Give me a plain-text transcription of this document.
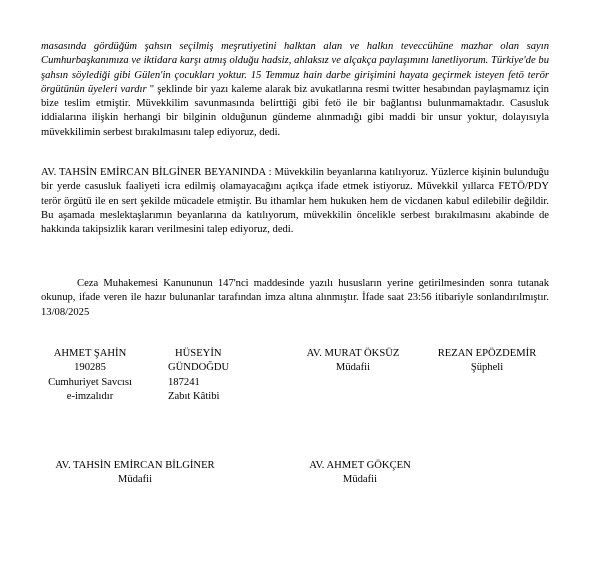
masasında gördüğüm şahsın seçilmiş meşrutiyetini halktan alan ve halkın teveccühüne mazhar olan sayın Cumhurbaşkanımıza ve iktidara karşı atmış olduğu hadsiz, ahlaksız ve alçakça paylaşımını lanetliyorum. Türkiye'de bu şahsın söylediği gibi Gülen'in çocukları yoktur. 15 Temmuz hain darbe girişimini hayata geçirmek isteyen fetö terör örgütünün üyeleri vardır " şeklinde bir yazı kaleme alarak biz avukatlarına resmi twitter hesabından paylaşmamız için bize teslim etmiştir. Müvekkilim savunmasında belirttiği gibi fetö ile bir bağlantısı bulunmamaktadır. Casusluk iddialarına ilişkin herhangi bir bilginin olduğunun gündeme alınmadığı gibi maddi bir unsur yoktur, dolayısıyla müvekkilimin serbest bırakılmasını talep ediyoruz, dedi.

AV. TAHSİN EMİRCAN BİLGİNER BEYANINDA : Müvekkilin beyanlarına katılıyoruz. Yüzlerce kişinin bulunduğu bir yerde casusluk faaliyeti icra edilmiş olamayacağını açıkça ifade etmek istiyoruz. Müvekkil yıllarca FETÖ/PDY terör örgütü ile en sert şekilde mücadele etmiştir. Bu ithamlar hem hukuken hem de vicdanen kabul edilebilir değildir. Bu aşamada meslektaşlarımın beyanlarına da katılıyorum, müvekkilin öncelikle serbest bırakılmasını akabinde de hakkında takipsizlik kararı verilmesini talep ediyoruz, dedi.

Ceza Muhakemesi Kanununun 147'nci maddesinde yazılı hususların yerine getirilmesinden sonra tutanak okunup, ifade veren ile hazır bulunanlar tarafından imza altına alınmıştır. İfade saat 23:56 itibariyle sonlandırılmıştır. 13/08/2025

AHMET ŞAHİN
190285
Cumhuriyet Savcısı
e-imzalıdır
HÜSEYİN
GÜNDOĞDU
187241
Zabıt Kâtibi
AV. MURAT ÖKSÜZ
Müdafii
REZAN EPÖZDEMİR
Şüpheli
AV. TAHSİN EMİRCAN BİLGİNER
Müdafii
AV. AHMET GÖKÇEN
Müdafii
